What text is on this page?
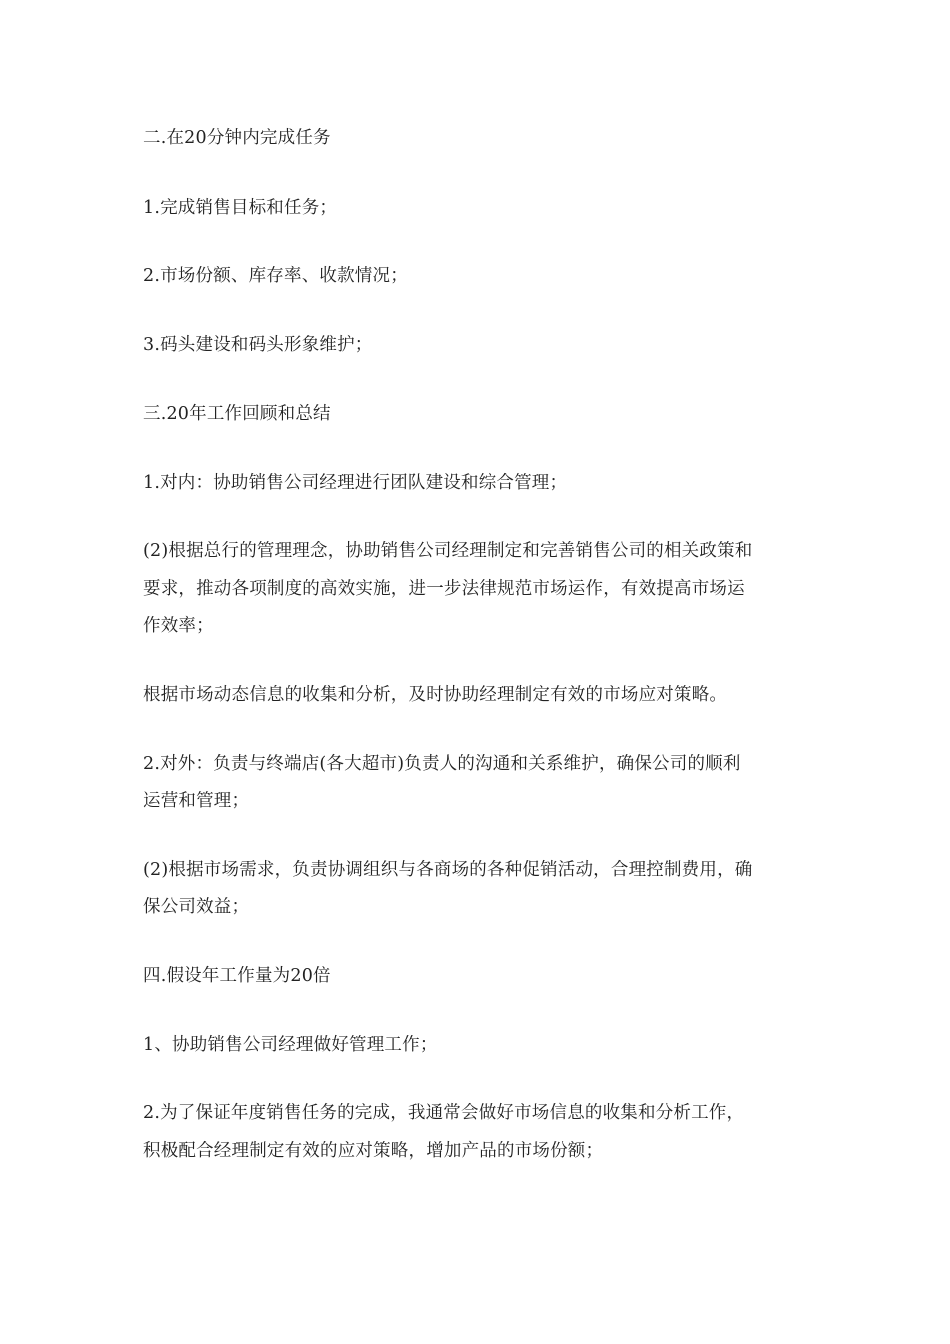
二.在20分钟内完成任务
1.完成销售目标和任务；
2.市场份额、库存率、收款情况；
3.码头建设和码头形象维护；
三.20年工作回顾和总结
1.对内：协助销售公司经理进行团队建设和综合管理；
(2)根据总行的管理理念，协助销售公司经理制定和完善销售公司的相关政策和
要求，推动各项制度的高效实施，进一步法律规范市场运作，有效提高市场运
作效率；
根据市场动态信息的收集和分析，及时协助经理制定有效的市场应对策略。
2.对外：负责与终端店(各大超市)负责人的沟通和关系维护，确保公司的顺利
运营和管理；
(2)根据市场需求，负责协调组织与各商场的各种促销活动，合理控制费用，确
保公司效益；
四.假设年工作量为20倍
1、协助销售公司经理做好管理工作；
2.为了保证年度销售任务的完成，我通常会做好市场信息的收集和分析工作，
积极配合经理制定有效的应对策略，增加产品的市场份额；
